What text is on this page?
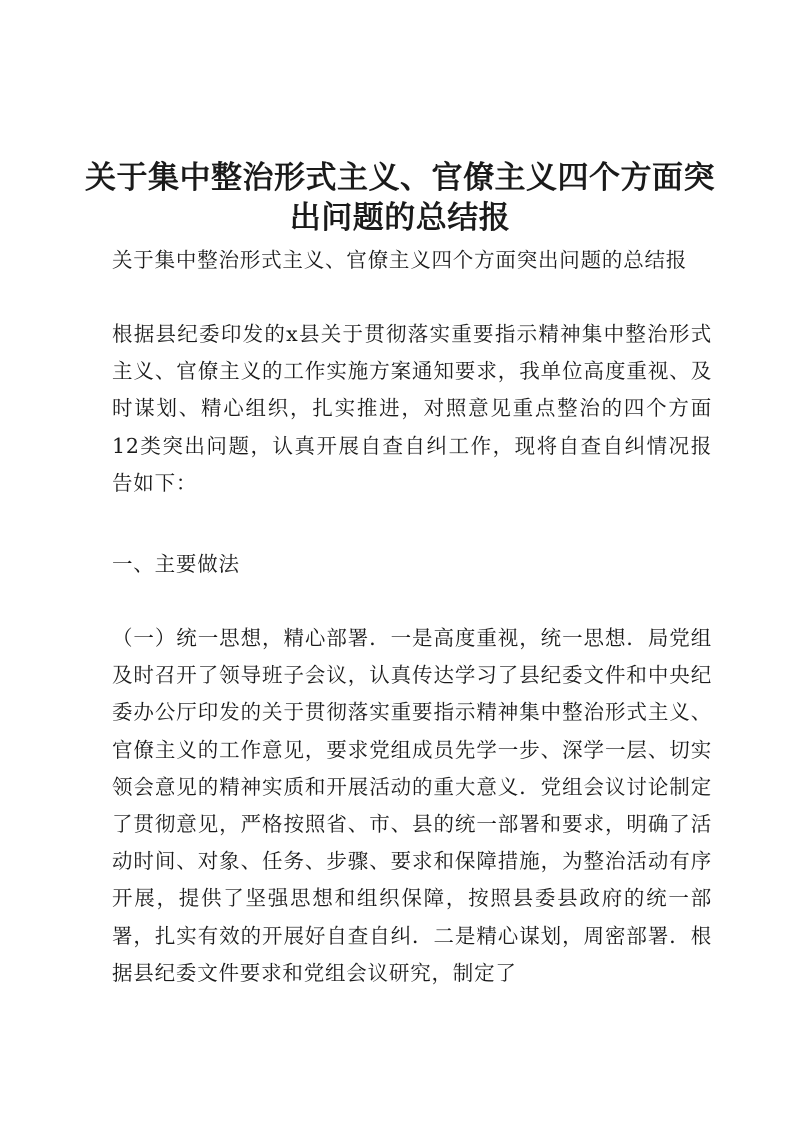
关于集中整治形式主义、官僚主义四个方面突出问题的总结报
关于集中整治形式主义、官僚主义四个方面突出问题的总结报
根据县纪委印发的x县关于贯彻落实重要指示精神集中整治形式主义、官僚主义的工作实施方案通知要求，我单位高度重视、及时谋划、精心组织，扎实推进，对照意见重点整治的四个方面12类突出问题，认真开展自查自纠工作，现将自查自纠情况报告如下：
一、主要做法
（一）统一思想，精心部署．一是高度重视，统一思想．局党组及时召开了领导班子会议，认真传达学习了县纪委文件和中央纪委办公厅印发的关于贯彻落实重要指示精神集中整治形式主义、官僚主义的工作意见，要求党组成员先学一步、深学一层、切实领会意见的精神实质和开展活动的重大意义．党组会议讨论制定了贯彻意见，严格按照省、市、县的统一部署和要求，明确了活动时间、对象、任务、步骤、要求和保障措施，为整治活动有序开展，提供了坚强思想和组织保障，按照县委县政府的统一部署，扎实有效的开展好自查自纠．二是精心谋划，周密部署．根据县纪委文件要求和党组会议研究，制定了
